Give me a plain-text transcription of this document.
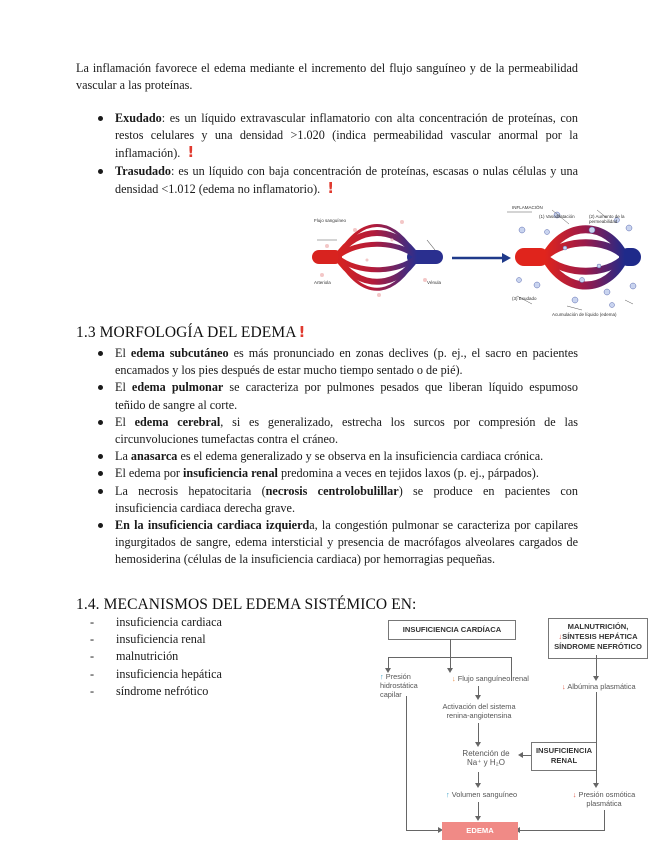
La inflamación favorece el edema mediante el incremento del flujo sanguíneo y de la permeabilidad vascular a las proteínas.
Exudado: es un líquido extravascular inflamatorio con alta concentración de proteínas, con restos celulares y una densidad >1.020 (indica permeabilidad vascular anormal por la inflamación). !
Trasudado: es un líquido con baja concentración de proteínas, escasas o nulas células y una densidad <1.012 (edema no inflamatorio). !
Flujo sanguíneo
Arteriola	Vénula
INFLAMACIÓN
(1) Vasodilatación	(2) Aumento de la permeabilidad
(3) Exudado
Acumulación de líquido (edema)
1.3 MORFOLOGÍA DEL EDEMA !
El edema subcutáneo es más pronunciado en zonas declives (p. ej., el sacro en pacientes encamados y los pies después de estar mucho tiempo sentado o de pié).
El edema pulmonar se caracteriza por pulmones pesados que liberan líquido espumoso teñido de sangre al corte.
El edema cerebral, si es generalizado, estrecha los surcos por compresión de las circunvoluciones tumefactas contra el cráneo.
La anasarca es el edema generalizado y se observa en la insuficiencia cardiaca crónica.
El edema por insuficiencia renal predomina a veces en tejidos laxos (p. ej., párpados).
La necrosis hepatocitaria (necrosis centrolobulillar) se produce en pacientes con insuficiencia cardiaca derecha grave.
En la insuficiencia cardiaca izquierda, la congestión pulmonar se caracteriza por capilares ingurgitados de sangre, edema intersticial y presencia de macrófagos alveolares cargados de hemosiderina (células de la insuficiencia cardiaca) por hemorragias pequeñas.
1.4. MECANISMOS DEL EDEMA SISTÉMICO EN:
- insuficiencia cardiaca
- insuficiencia renal
- malnutrición
- insuficiencia hepática
- síndrome nefrótico
INSUFICIENCIA CARDÍACA	MALNUTRICIÓN,
↓SÍNTESIS HEPÁTICA
SÍNDROME NEFRÓTICO
↑ Presión hidrostática capilar
↓ Flujo sanguíneo renal
↓ Albúmina plasmática
Activación del sistema renina-angiotensina
Retención de
Na⁺ y H₂O
INSUFICIENCIA
RENAL
↑ Volumen sanguíneo	↓ Presión osmótica plasmática
EDEMA
